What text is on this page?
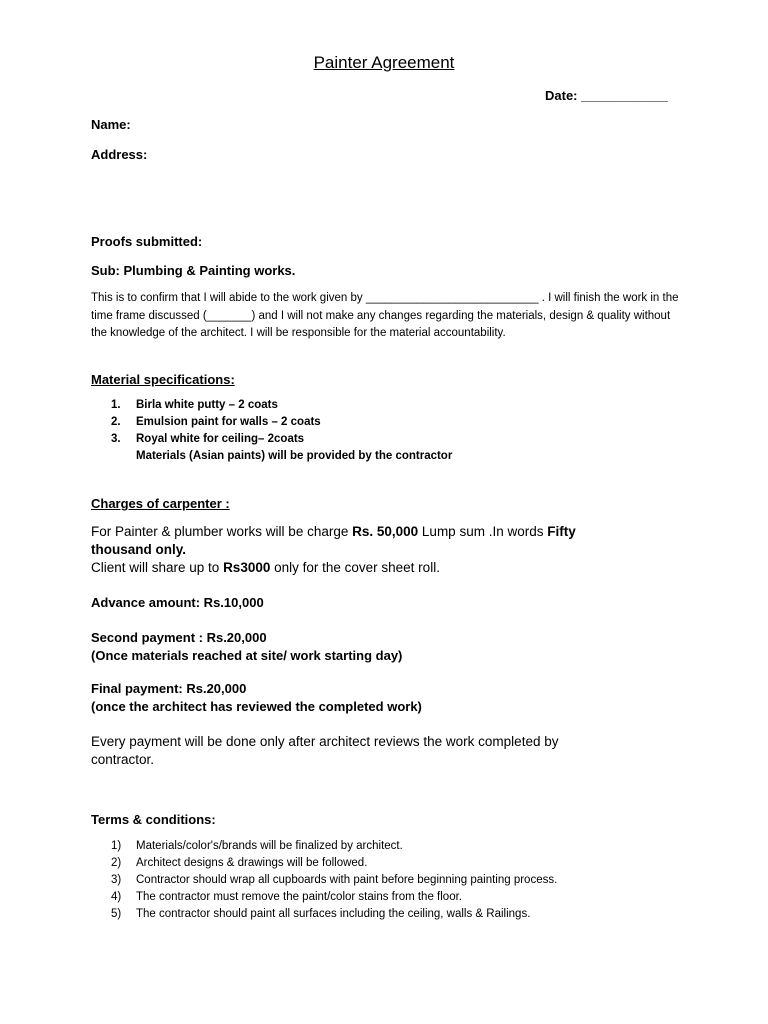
Painter Agreement
Date: ____________
Name:
Address:
Proofs submitted:
Sub: Plumbing & Painting works.
This is to confirm that I will abide to the work given by ___________________________ . I will finish the work in the time frame discussed (_______) and I will not make any changes regarding the materials, design & quality without the knowledge of the architect. I will be responsible for the material accountability.
Material specifications:
1. Birla white putty – 2 coats
2. Emulsion paint for walls – 2 coats
3. Royal white for ceiling– 2coats
Materials (Asian paints) will be provided by the contractor
Charges of carpenter :
For Painter & plumber works will be charge Rs. 50,000 Lump sum .In words Fifty
thousand only.
Client will share up to Rs3000 only for the cover sheet roll.
Advance amount: Rs.10,000
Second payment : Rs.20,000
(Once materials reached at site/ work starting day)
Final payment: Rs.20,000
(once the architect has reviewed the completed work)
Every payment will be done only after architect reviews the work completed by
contractor.
Terms & conditions:
1) Materials/color's/brands will be finalized by architect.
2) Architect designs & drawings will be followed.
3) Contractor should wrap all cupboards with paint before beginning painting process.
4) The contractor must remove the paint/color stains from the floor.
5) The contractor should paint all surfaces including the ceiling, walls & Railings.
